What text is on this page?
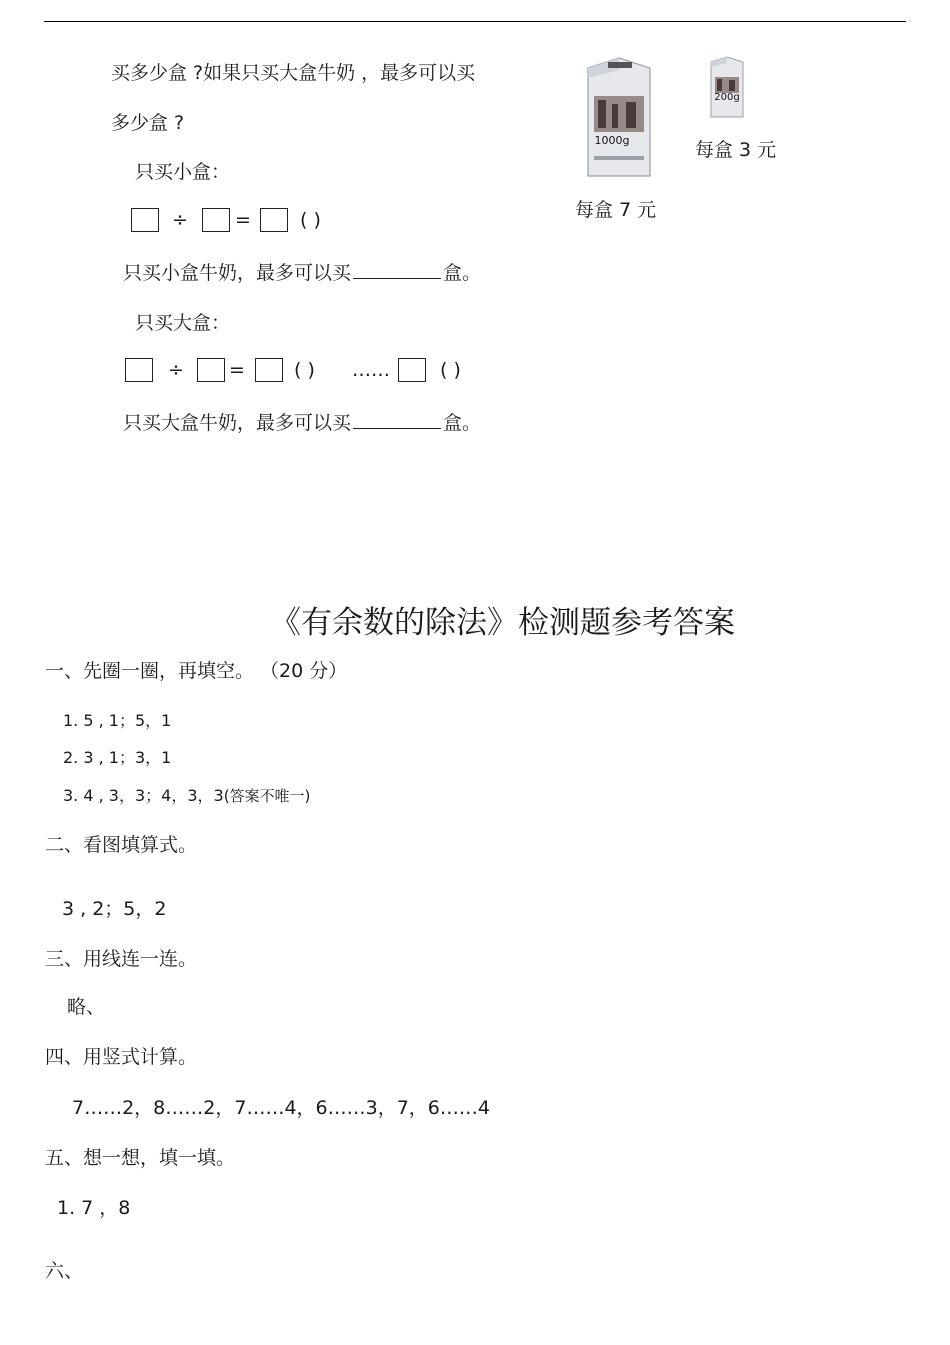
买多少盒 ?如果只买大盒牛奶 ，最多可以买
多少盒 ?
只买小盒：
÷ =	( )
只买小盒牛奶，最多可以买	盒。
只买大盒：
÷ =	( ) ……	( )
只买大盒牛奶，最多可以买	盒。
1000g
每盒 7 元
200g
每盒 3 元
《有余数的除法》检测题参考答案
一、先圈一圈，再填空。 （20 分）
1. 5 , 1；5，1
2. 3 , 1；3，1
3. 4 , 3，3；4，3，3(答案不唯一)
二、看图填算式。
3 , 2；5，2
三、用线连一连。
略、
四、用竖式计算。
7……2，8……2，7……4，6……3，7，6……4
五、想一想，填一填。
1. 7 ，8
六、
